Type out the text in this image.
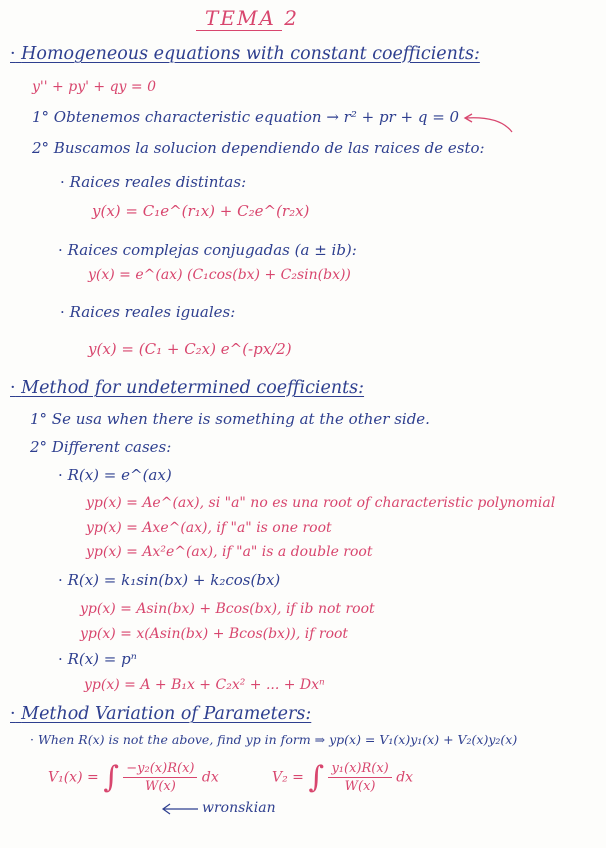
TEMA 2
· Homogeneous equations with constant coefficients:
y'' + py' + qy = 0
1° Obtenemos characteristic equation → r² + pr + q = 0
2° Buscamos la solucion dependiendo de las raices de esto:
· Raices reales distintas:
y(x) = C₁e^(r₁x) + C₂e^(r₂x)
· Raices complejas conjugadas (a ± ib):
y(x) = e^(ax) (C₁cos(bx) + C₂sin(bx))
· Raices reales iguales:
y(x) = (C₁ + C₂x) e^(-px/2)
· Method for undetermined coefficients:
1° Se usa when there is something at the other side.
2° Different cases:
· R(x) = e^(ax)
yp(x) = Ae^(ax), si "a" no es una root of characteristic polynomial
yp(x) = Axe^(ax), if "a" is one root
yp(x) = Ax²e^(ax), if "a" is a double root
· R(x) = k₁sin(bx) + k₂cos(bx)
yp(x) = Asin(bx) + Bcos(bx), if ib not root
yp(x) = x(Asin(bx) + Bcos(bx)), if root
· R(x) = pⁿ
yp(x) = A + B₁x + C₂x² + ... + Dxⁿ
· Method Variation of Parameters:
· When R(x) is not the above, find yp in form ⇒ yp(x) = V₁(x)y₁(x) + V₂(x)y₂(x)
V₁(x) = ∫ $\frac{\text{−y₂(x)R(x)}}{W(x)}$ dx	V₂ = ∫ $\frac{\text{y₁(x)R(x)}}{W(x)}$ dx
wronskian
